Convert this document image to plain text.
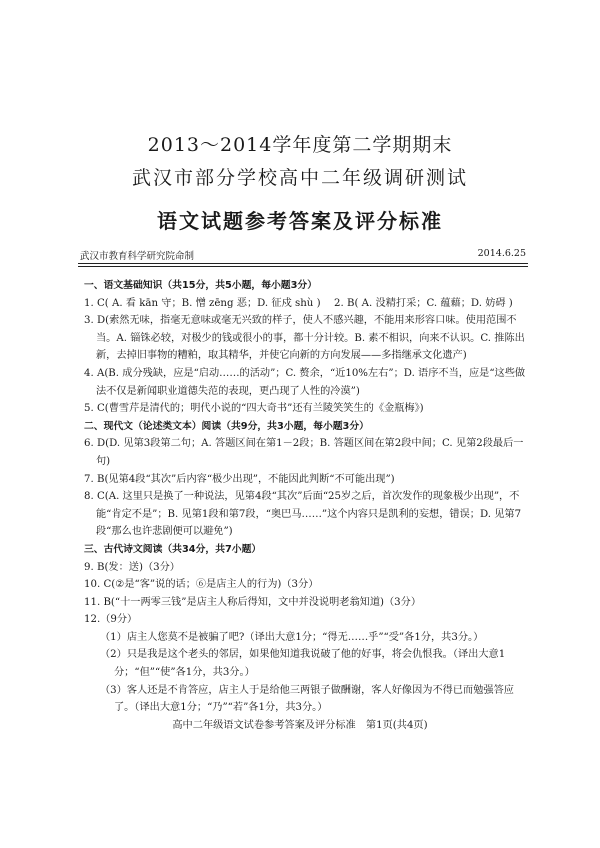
2013～2014学年度第二学期期末
武汉市部分学校高中二年级调研测试
语文试题参考答案及评分标准
武汉市教育科学研究院命制	2014.6.25

一、语文基础知识（共15分，共5小题，每小题3分）

1. C( A. 看 kān 守；B. 憎 zēng 恶；D. 征戍 shù )　 2. B( A. 没精打采；C. 蕴藉；D. 妨碍 )

3. D(索然无味，指毫无意味或毫无兴致的样子，使人不感兴趣，不能用来形容口味。使用范围不当。A. 锱铢必较，对极少的钱或很小的事，都十分计较。B. 素不相识，向来不认识。C. 推陈出新，去掉旧事物的糟粕，取其精华，并使它向新的方向发展——多指继承文化遗产)

4. A(B. 成分残缺，应是“启动……的活动”；C. 赘余，“近10%左右”；D. 语序不当，应是“这些做法不仅是新闻职业道德失范的表现，更凸现了人性的冷漠”)

5. C(曹雪芹是清代的；明代小说的“四大奇书”还有兰陵笑笑生的《金瓶梅》)

二、现代文（论述类文本）阅读（共9分，共3小题，每小题3分）

6. D(D. 见第3段第二句；A. 答题区间在第1－2段；B. 答题区间在第2段中间；C. 见第2段最后一句)

7. B(见第4段“其次”后内容“极少出现”，不能因此判断“不可能出现”)

8. C(A. 这里只是换了一种说法，见第4段“其次”后面“25岁之后，首次发作的现象极少出现”，不能“肯定不是”；B. 见第1段和第7段，“奥巴马……”这个内容只是凯利的妄想，错误；D. 见第7段“那么也许悲剧便可以避免”)

三、古代诗文阅读（共34分，共7小题）

9. B(发：送)（3分）

10. C(②是“客”说的话；⑥是店主人的行为)（3分）

11. B(“十一两零三钱”是店主人称后得知，文中并没说明老翁知道)（3分）

12.（9分）

（1）店主人您莫不是被骗了吧?（译出大意1分；“得无……乎”“受”各1分，共3分。）

（2）只是我是这个老头的邻居，如果他知道我说破了他的好事，将会仇恨我。（译出大意1分；“但”“使”各1分，共3分。）

（3）客人还是不肯答应，店主人于是给他三两银子做酬谢，客人好像因为不得已而勉强答应了。（译出大意1分；“乃”“若”各1分，共3分。）

高中二年级语文试卷参考答案及评分标准　第1页(共4页)
